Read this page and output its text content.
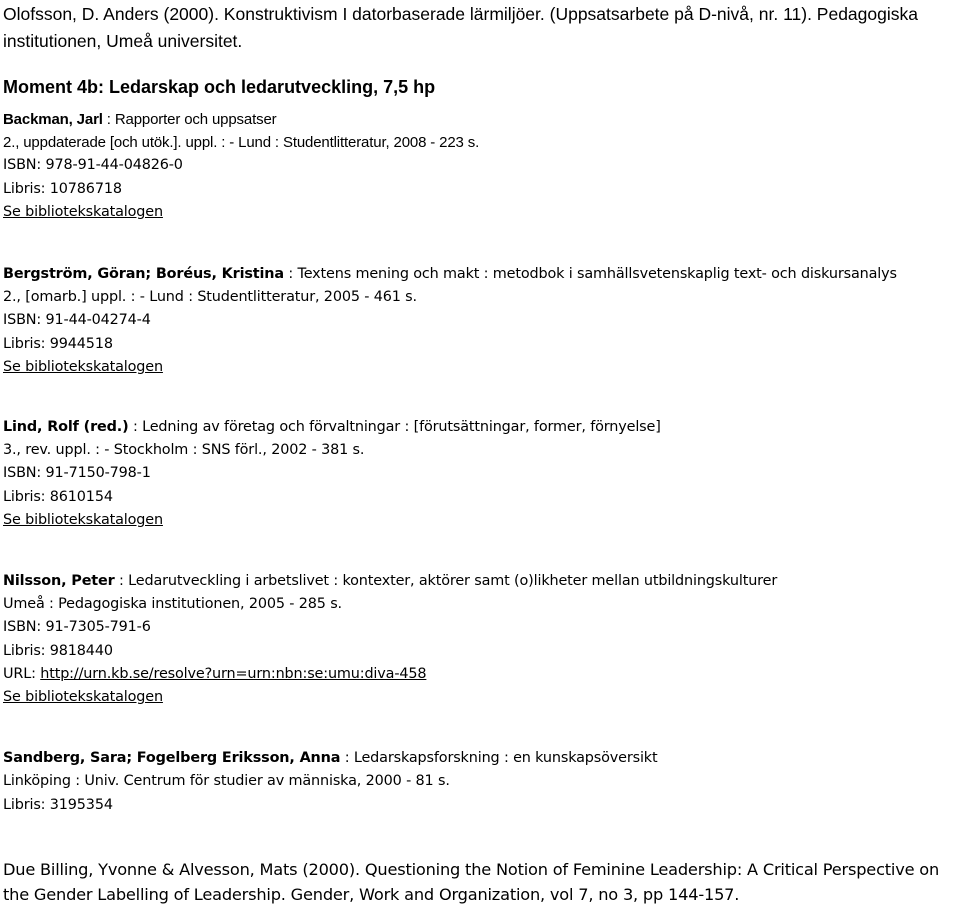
Olofsson, D. Anders (2000). Konstruktivism I datorbaserade lärmiljöer. (Uppsatsarbete på D-nivå, nr. 11). Pedagogiska institutionen, Umeå universitet.

Moment 4b: Ledarskap och ledarutveckling, 7,5 hp
Backman, Jarl : Rapporter och uppsatser
2., uppdaterade [och utök.]. uppl. : - Lund : Studentlitteratur, 2008 - 223 s.
ISBN: 978-91-44-04826-0
Libris: 10786718
Se bibliotekskatalogen
Bergström, Göran; Boréus, Kristina : Textens mening och makt : metodbok i samhällsvetenskaplig text- och diskursanalys
2., [omarb.] uppl. : - Lund : Studentlitteratur, 2005 - 461 s.
ISBN: 91-44-04274-4
Libris: 9944518
Se bibliotekskatalogen
Lind, Rolf (red.) : Ledning av företag och förvaltningar : [förutsättningar, former, förnyelse]
3., rev. uppl. : - Stockholm : SNS förl., 2002 - 381 s.
ISBN: 91-7150-798-1
Libris: 8610154
Se bibliotekskatalogen
Nilsson, Peter : Ledarutveckling i arbetslivet : kontexter, aktörer samt (o)likheter mellan utbildningskulturer
Umeå : Pedagogiska institutionen, 2005 - 285 s.
ISBN: 91-7305-791-6
Libris: 9818440
URL: http://urn.kb.se/resolve?urn=urn:nbn:se:umu:diva-458
Se bibliotekskatalogen
Sandberg, Sara; Fogelberg Eriksson, Anna : Ledarskapsforskning : en kunskapsöversikt
Linköping : Univ. Centrum för studier av människa, 2000 - 81 s.
Libris: 3195354

Due Billing, Yvonne & Alvesson, Mats (2000). Questioning the Notion of Feminine Leadership: A Critical Perspective on the Gender Labelling of Leadership. Gender, Work and Organization, vol 7, no 3, pp 144-157.
